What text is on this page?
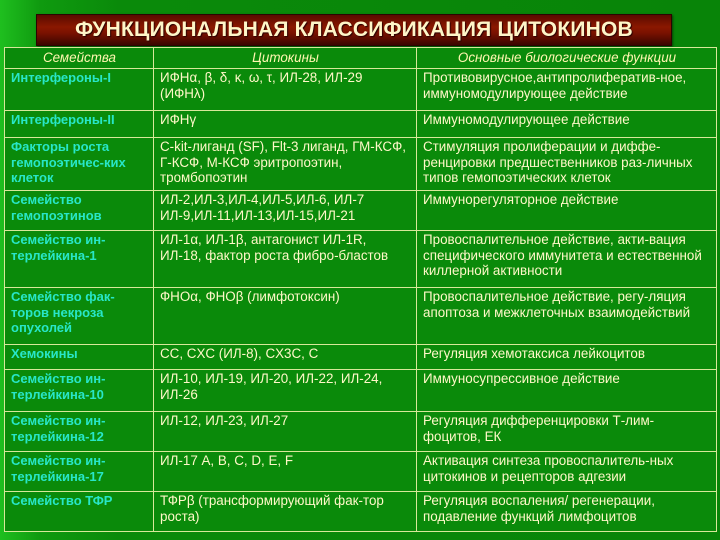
ФУНКЦИОНАЛЬНАЯ КЛАССИФИКАЦИЯ ЦИТОКИНОВ
Семейства	Цитокины	Основные биологические функции
Интерфероны-I	ИФНα, β, δ, κ, ω, τ, ИЛ-28, ИЛ-29 (ИФНλ)	Противовирусное,антипролифератив-ное, иммуномодулирующее действие
Интерфероны-II	ИФНγ	Иммуномодулирующее действие
Факторы роста гемопоэтичес-ких клеток	C-kit-лиганд (SF), Flt-3 лиганд, ГМ-КСФ, Г-КСФ, М-КСФ эритропоэтин, тромбопоэтин	Стимуляция пролиферации и диффе-ренцировки предшественников раз-личных типов гемопоэтических клеток
Семейство гемопоэтинов	ИЛ-2,ИЛ-3,ИЛ-4,ИЛ-5,ИЛ-6, ИЛ-7 ИЛ-9,ИЛ-11,ИЛ-13,ИЛ-15,ИЛ-21	Иммунорегуляторное действие
Семейство ин-терлейкина-1	ИЛ-1α, ИЛ-1β, антагонист ИЛ-1R, ИЛ-18, фактор роста фибро-бластов	Провоспалительное действие, акти-вация специфического иммунитета и естественной киллерной активности
Семейство фак-торов некроза опухолей	ФНОα, ФНОβ (лимфотоксин)	Провоспалительное действие, регу-ляция апоптоза и межклеточных взаимодействий
Хемокины	CC, CXC (ИЛ-8), CX3C, C	Регуляция хемотаксиса лейкоцитов
Семейство ин-терлейкина-10	ИЛ-10, ИЛ-19, ИЛ-20, ИЛ-22, ИЛ-24, ИЛ-26	Иммуносупрессивное действие
Семейство ин-терлейкина-12	ИЛ-12, ИЛ-23, ИЛ-27	Регуляция дифференцировки Т-лим-фоцитов, ЕК
Семейство ин-терлейкина-17	ИЛ-17 A, B, C, D, E, F	Активация синтеза провоспалитель-ных цитокинов и рецепторов адгезии
Семейство ТФР	ТФРβ (трансформирующий фак-тор роста)	Регуляция воспаления/ регенерации, подавление функций лимфоцитов
